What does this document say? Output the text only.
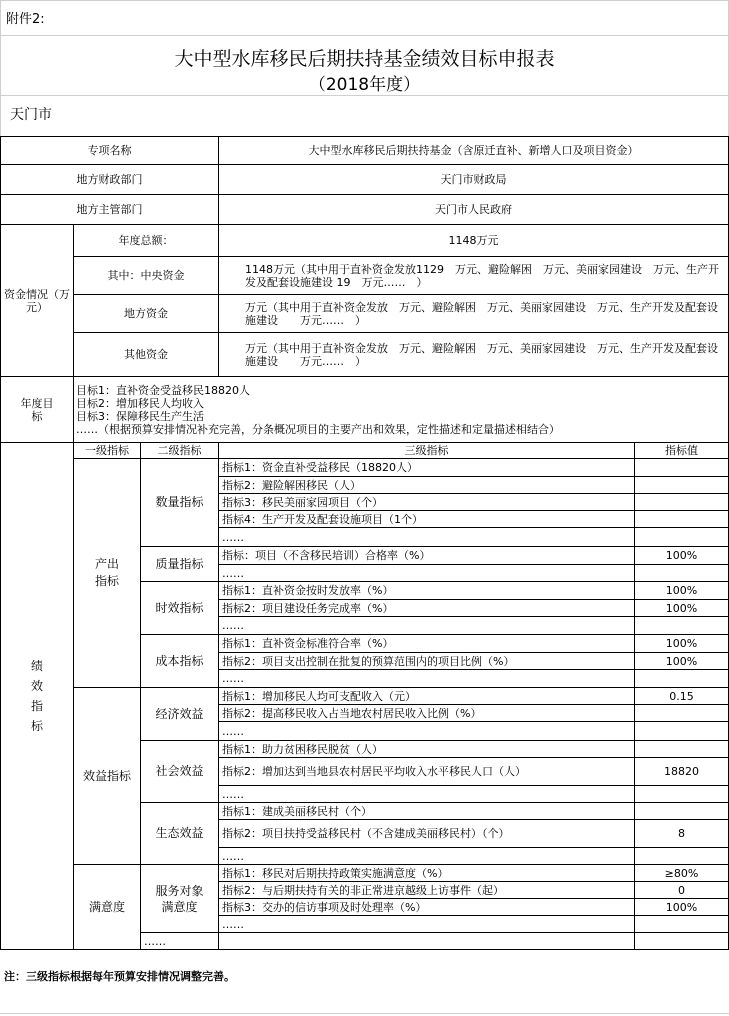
附件2:
大中型水库移民后期扶持基金绩效目标申报表
（2018年度）
天门市
专项名称			大中型水库移民后期扶持基金（含原迁直补、新增人口及项目资金）	
地方财政部门			天门市财政局	
地方主管部门			天门市人民政府	
资金情况（万元）	年度总额：		1148万元	
	其中：中央资金		1148万元（其中用于直补资金发放1129　万元、避险解困　万元、美丽家园建设　万元、生产开发及配套设施建设 19　万元……　）	
	地方资金		万元（其中用于直补资金发放　万元、避险解困　万元、美丽家园建设　万元、生产开发及配套设施建设　　万元……　）	
	其他资金		万元（其中用于直补资金发放　万元、避险解困　万元、美丽家园建设　万元、生产开发及配套设施建设　　万元……　）	
年度目标	目标1：直补资金受益移民18820人
目标2：增加移民人均收入
目标3：保障移民生产生活
……（根据预算安排情况补充完善，分条概况项目的主要产出和效果，定性描述和定量描述相结合）			

绩效指标	一级指标	二级指标	三级指标	指标值

	产出指标	数量指标	指标1：资金直补受益移民（18820人）	
			指标2：避险解困移民（人）	
			指标3：移民美丽家园项目（个）	
			指标4：生产开发及配套设施项目（1个）	
			……	
		质量指标	指标：项目（不含移民培训）合格率（%）	100%
			……	
		时效指标	指标1：直补资金按时发放率（%）	100%
			指标2：项目建设任务完成率（%）	100%
			……	
		成本指标	指标1：直补资金标准符合率（%）	100%
			指标2：项目支出控制在批复的预算范围内的项目比例（%）	100%
			……	
	效益指标	经济效益	指标1：增加移民人均可支配收入（元）	0.15
			指标2：提高移民收入占当地农村居民收入比例（%）	
			……	
		社会效益	指标1：助力贫困移民脱贫（人）	
			指标2：增加达到当地县农村居民平均收入水平移民人口（人）	18820
			……	
		生态效益	指标1：建成美丽移民村（个）	
			指标2：项目扶持受益移民村（不含建成美丽移民村）（个）	8
			……	
	满意度	服务对象满意度	指标1：移民对后期扶持政策实施满意度（%）	≥80%
			指标2：与后期扶持有关的非正常进京越级上访事件（起）	0
			指标3：交办的信访事项及时处理率（%）	100%
			……	
		……		
注：三级指标根据每年预算安排情况调整完善。
